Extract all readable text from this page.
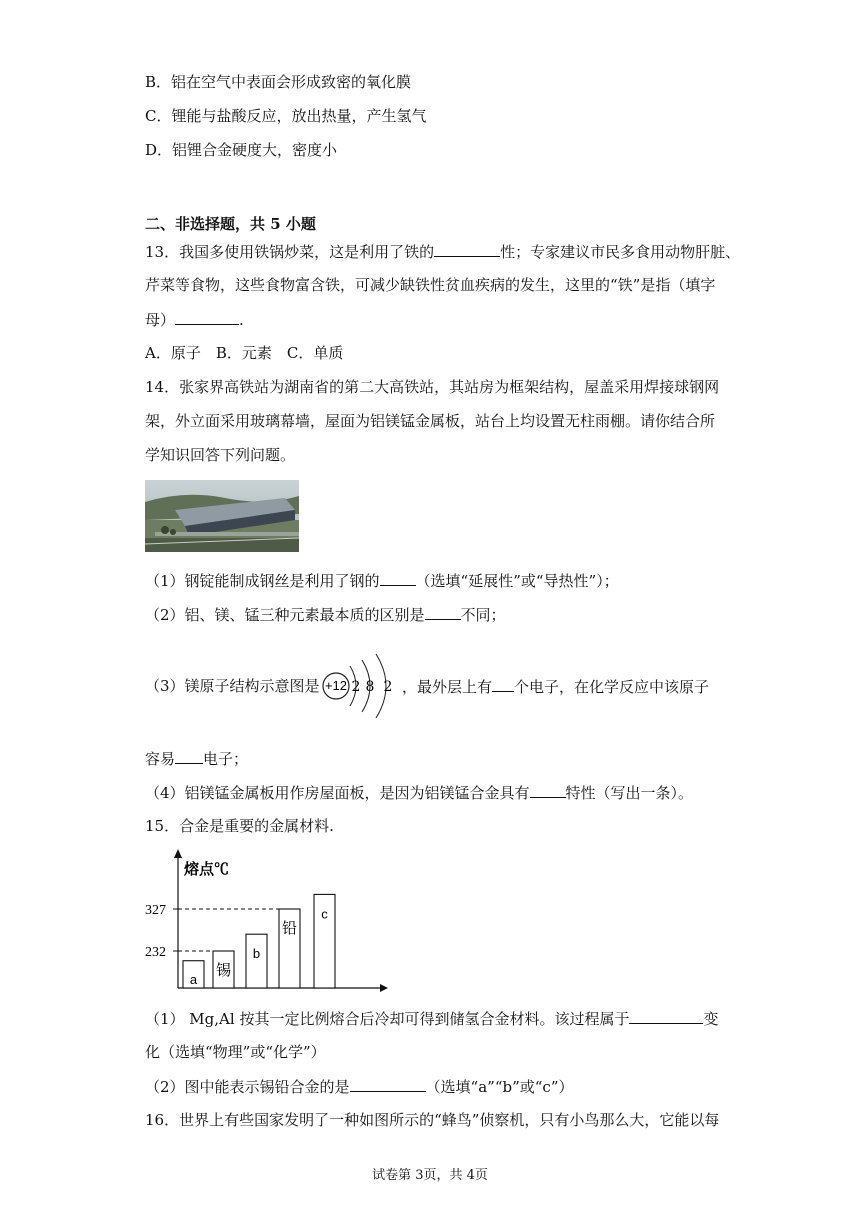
B．铝在空气中表面会形成致密的氧化膜
C．锂能与盐酸反应，放出热量，产生氢气
D．铝锂合金硬度大，密度小
二、非选择题，共 5 小题
13．我国多使用铁锅炒菜，这是利用了铁的	性；专家建议市民多食用动物肝脏、
芹菜等食物，这些食物富含铁，可减少缺铁性贫血疾病的发生，这里的“铁”是指（填字
母）	.
A．原子　B．元素　C．单质
14．张家界高铁站为湖南省的第二大高铁站，其站房为框架结构，屋盖采用焊接球钢网
架，外立面采用玻璃幕墙，屋面为铝镁锰金属板，站台上均设置无柱雨棚。请你结合所
学知识回答下列问题。
（1）钢锭能制成钢丝是利用了钢的 （选填“延展性”或“导热性”）；
（2）铝、镁、锰三种元素最本质的区别是 不同；
（3）镁原子结构示意图是 +12 2 8 2 ，最外层上有 个电子，在化学反应中该原子
容易 电子；
（4）铝镁锰金属板用作房屋面板，是因为铝镁锰合金具有 特性（写出一条）。
15．合金是重要的金属材料.
熔点℃
232
327
a
锡
b
铅
c
（1） Mg,Al 按其一定比例熔合后冷却可得到储氢合金材料。该过程属于	变
化（选填“物理”或“化学”）
（2）图中能表示锡铅合金的是	（选填“a”“b”或“c”）
16．世界上有些国家发明了一种如图所示的“蜂鸟”侦察机，只有小鸟那么大，它能以每
试卷第 3页，共 4页
